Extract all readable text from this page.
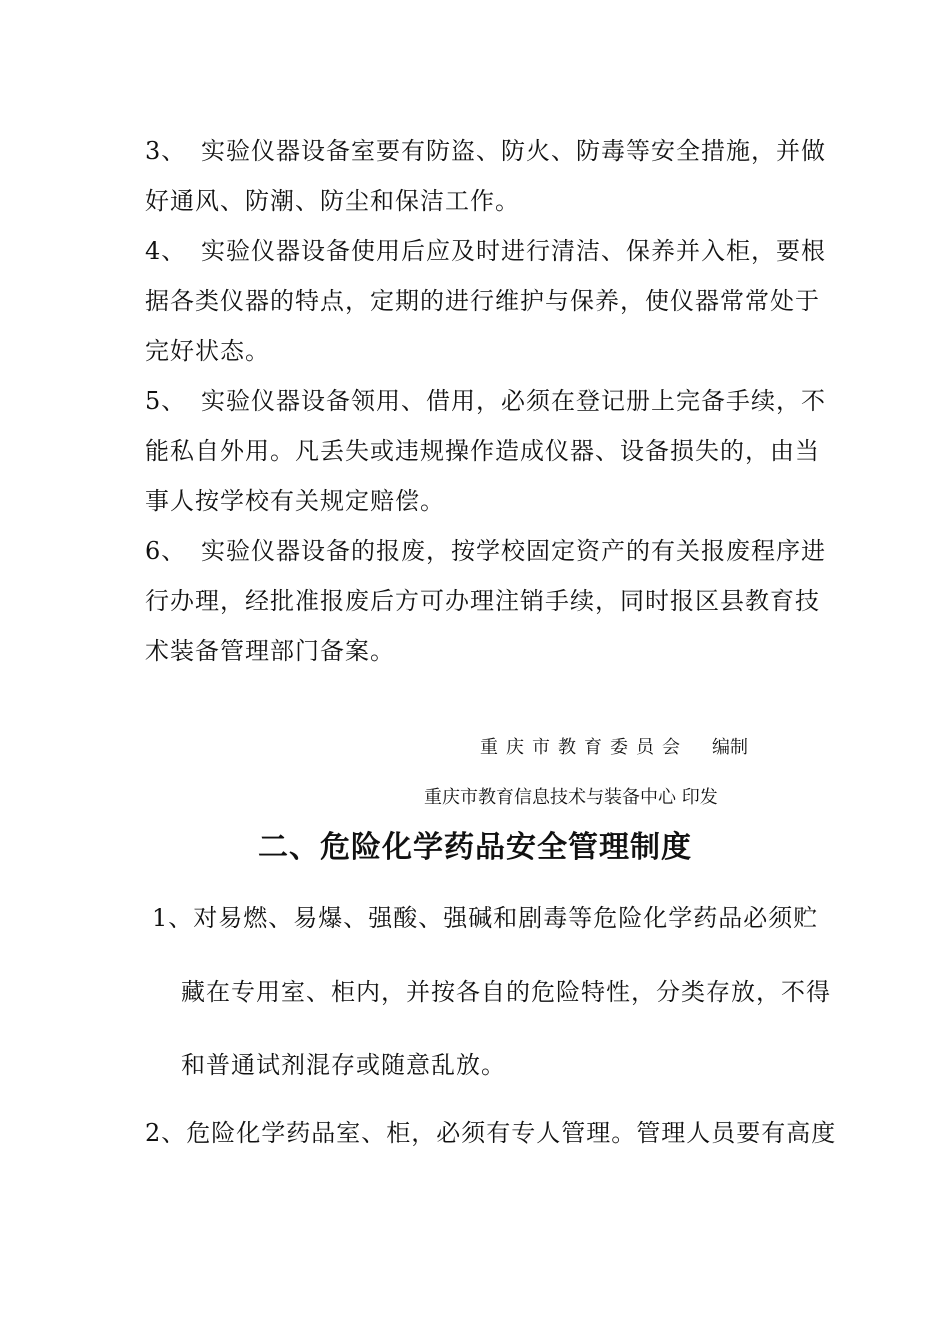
3、 实验仪器设备室要有防盗、防火、防毒等安全措施，并做
好通风、防潮、防尘和保洁工作。
4、 实验仪器设备使用后应及时进行清洁、保养并入柜，要根
据各类仪器的特点，定期的进行维护与保养，使仪器常常处于
完好状态。
5、 实验仪器设备领用、借用，必须在登记册上完备手续，不
能私自外用。凡丢失或违规操作造成仪器、设备损失的，由当
事人按学校有关规定赔偿。
6、 实验仪器设备的报废，按学校固定资产的有关报废程序进
行办理，经批准报废后方可办理注销手续，同时报区县教育技
术装备管理部门备案。
重庆市教育委员会 编制
重庆市教育信息技术与装备中心 印发
二、危险化学药品安全管理制度
1、对易燃、易爆、强酸、强碱和剧毒等危险化学药品必须贮
藏在专用室、柜内，并按各自的危险特性，分类存放，不得
和普通试剂混存或随意乱放。
2、危险化学药品室、柜，必须有专人管理。管理人员要有高度
